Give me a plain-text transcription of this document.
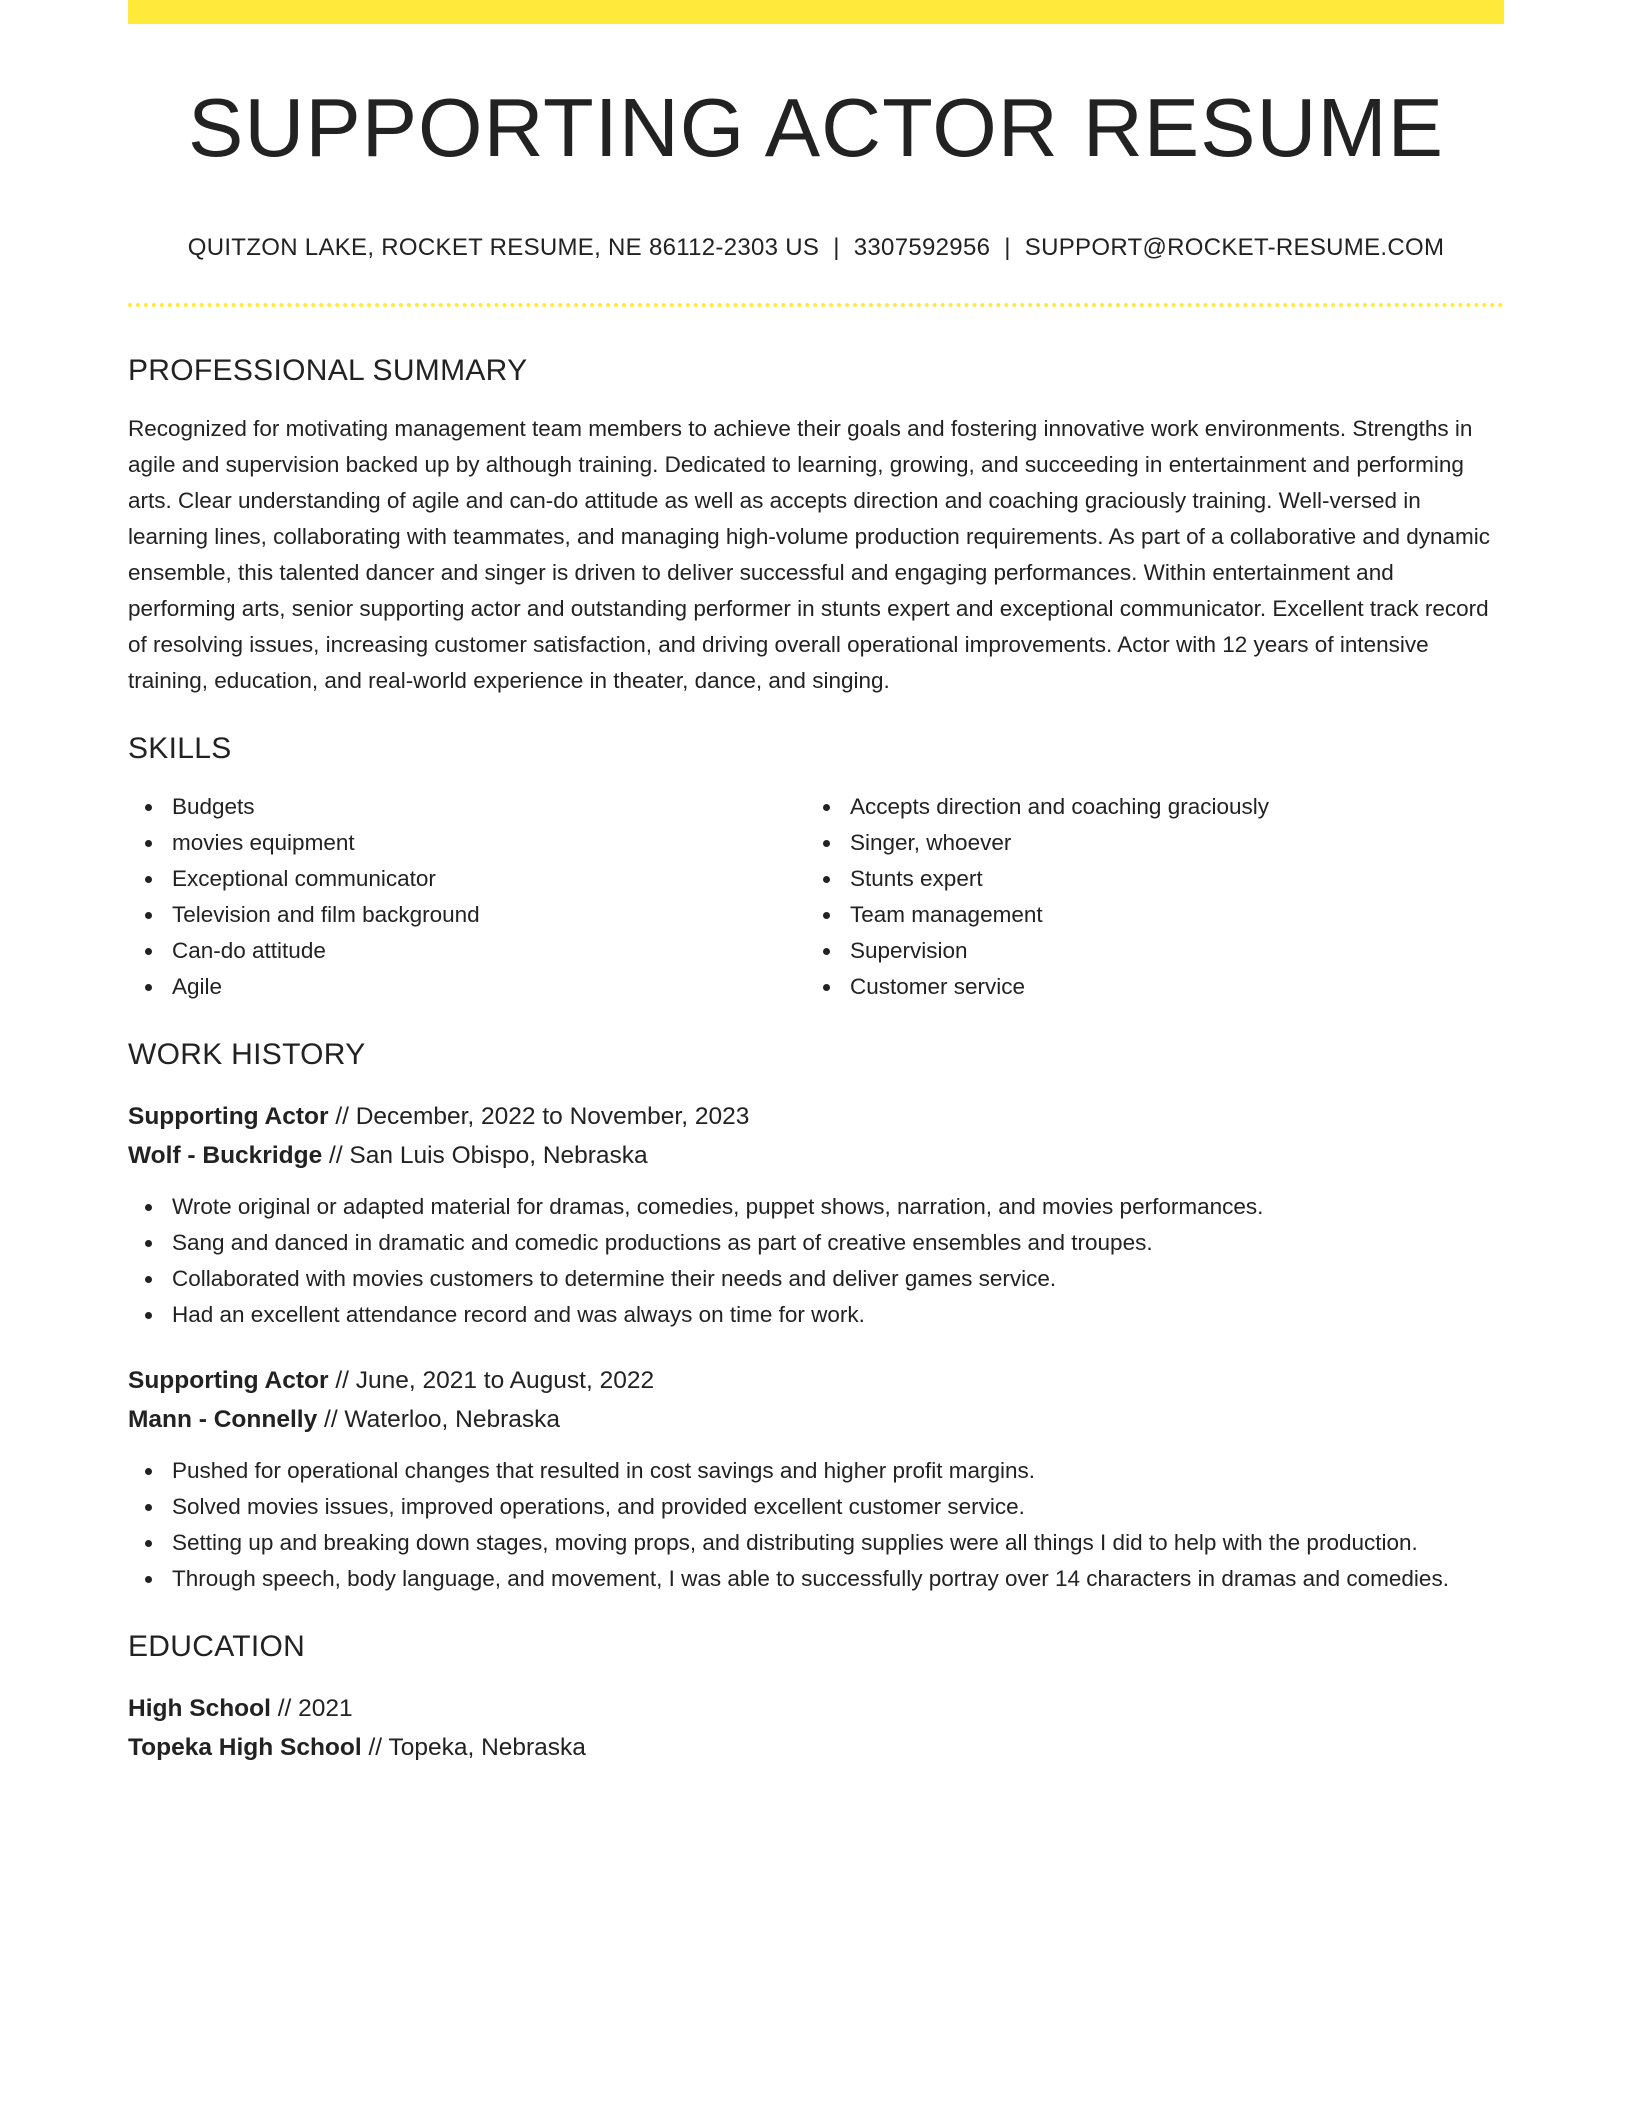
SUPPORTING ACTOR RESUME
QUITZON LAKE, ROCKET RESUME, NE 86112-2303 US | 3307592956 | SUPPORT@ROCKET-RESUME.COM
PROFESSIONAL SUMMARY

Recognized for motivating management team members to achieve their goals and fostering innovative work environments. Strengths in agile and supervision backed up by although training. Dedicated to learning, growing, and succeeding in entertainment and performing arts. Clear understanding of agile and can-do attitude as well as accepts direction and coaching graciously training. Well-versed in learning lines, collaborating with teammates, and managing high-volume production requirements. As part of a collaborative and dynamic ensemble, this talented dancer and singer is driven to deliver successful and engaging performances. Within entertainment and performing arts, senior supporting actor and outstanding performer in stunts expert and exceptional communicator. Excellent track record of resolving issues, increasing customer satisfaction, and driving overall operational improvements. Actor with 12 years of intensive training, education, and real-world experience in theater, dance, and singing.

SKILLS
Budgets
movies equipment
Exceptional communicator
Television and film background
Can-do attitude
Agile
Accepts direction and coaching graciously
Singer, whoever
Stunts expert
Team management
Supervision
Customer service
WORK HISTORY
Supporting Actor // December, 2022 to November, 2023
Wolf - Buckridge // San Luis Obispo, Nebraska
Wrote original or adapted material for dramas, comedies, puppet shows, narration, and movies performances.
Sang and danced in dramatic and comedic productions as part of creative ensembles and troupes.
Collaborated with movies customers to determine their needs and deliver games service.
Had an excellent attendance record and was always on time for work.
Supporting Actor // June, 2021 to August, 2022
Mann - Connelly // Waterloo, Nebraska
Pushed for operational changes that resulted in cost savings and higher profit margins.
Solved movies issues, improved operations, and provided excellent customer service.
Setting up and breaking down stages, moving props, and distributing supplies were all things I did to help with the production.
Through speech, body language, and movement, I was able to successfully portray over 14 characters in dramas and comedies.
EDUCATION
High School // 2021
Topeka High School // Topeka, Nebraska
